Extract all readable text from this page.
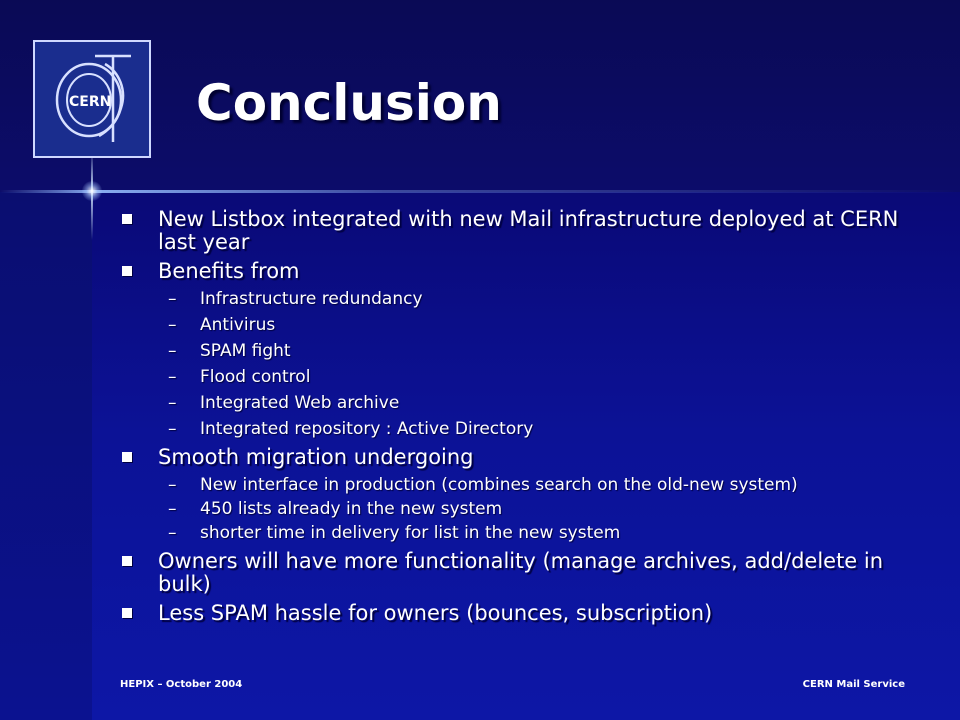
CERN Conclusion
New Listbox integrated with new Mail infrastructure deployed at CERN last year
Benefits from
– Infrastructure redundancy
– Antivirus
– SPAM fight
– Flood control
– Integrated Web archive
– Integrated repository : Active Directory
Smooth migration undergoing
– New interface in production (combines search on the old-new system)
– 450 lists already in the new system
– shorter time in delivery for list in the new system
Owners will have more functionality (manage archives, add/delete in bulk)
Less SPAM hassle for owners (bounces, subscription)
HEPIX – October 2004	CERN Mail Service
